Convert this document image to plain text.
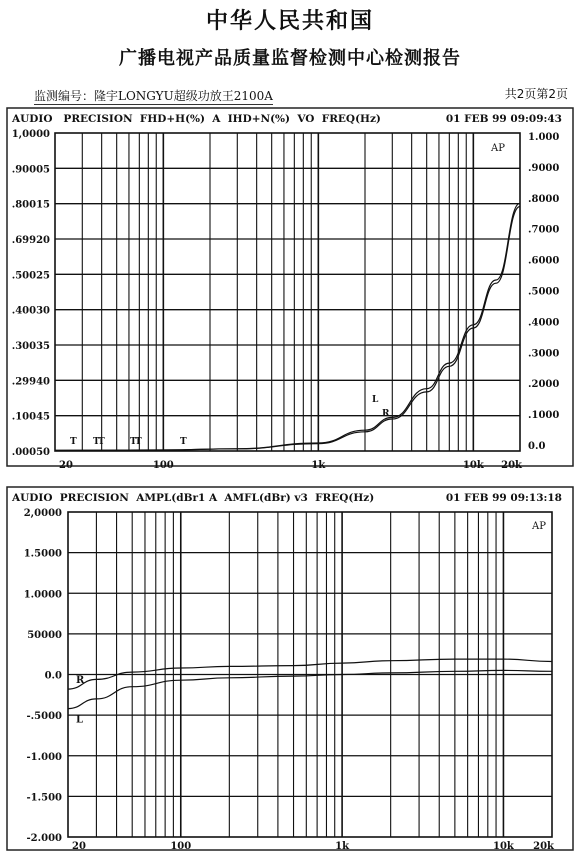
中华人民共和国
广播电视产品质量监督检测中心检测报告
监测编号：隆宇LONGYU超级功放王2100A	共2页第2页
AUDIO   PRECISION  FHD+H(%)  A  IHD+N(%)  VO  FREQ(Hz)	01 FEB 99 09:09:43
AP
1,0000
.90005
.80015
.69920
.50025
.40030
.30035
.29940
.10045
.00050
1.000
.9000
.8000
.7000
.6000
.5000
.4000
.3000
.2000
.1000
0.0
20	100	1k	10k 20k
T T
T	T
T	T
L
R
AUDIO  PRECISION  AMPL(dBr1 A  AMFL(dBr) v3  FREQ(Hz)	01 FEB 99 09:13:18
AP
2,0000
1.5000
1.0000
50000
0.0
-.5000
-1.000
-1.500
-2.000
20	100	1k	10k 20k
R
L
